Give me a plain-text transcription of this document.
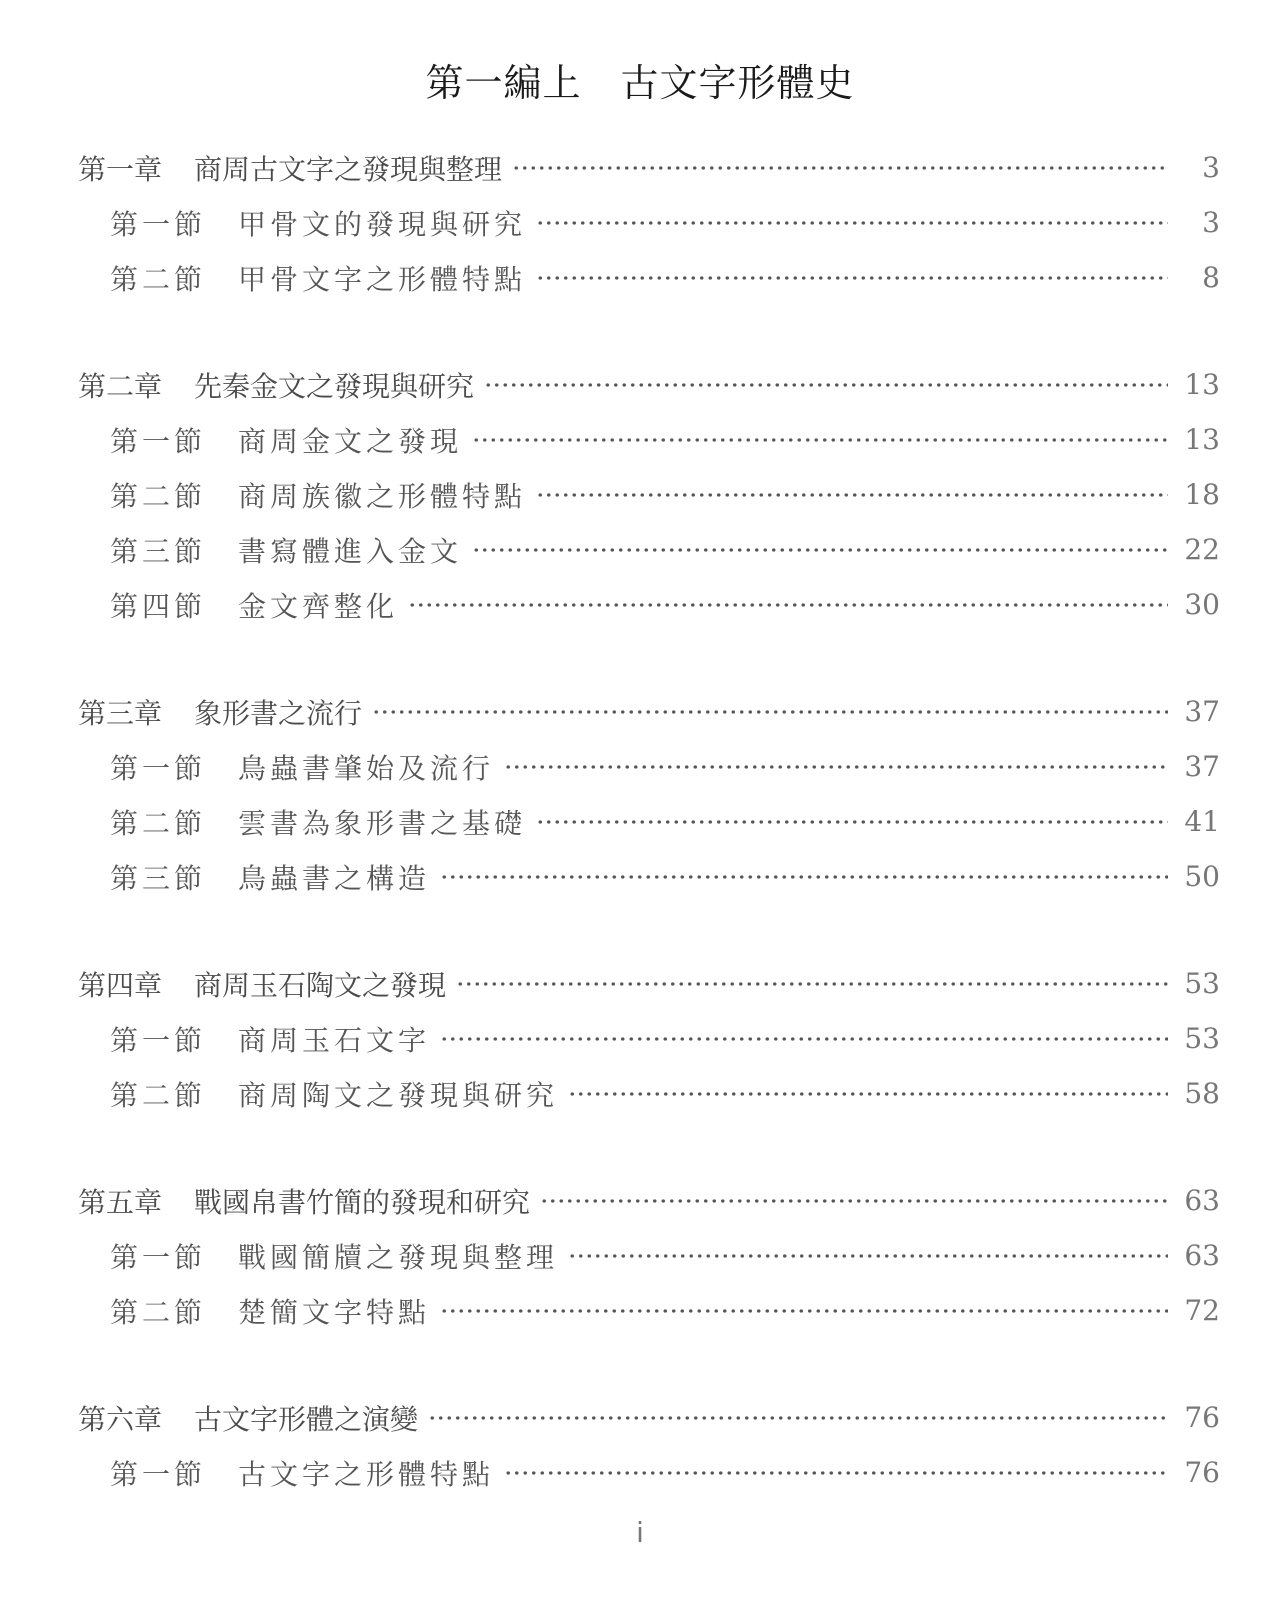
第一編上　古文字形體史
第一章 商周古文字之發現與整理	3
第一節 甲骨文的發現與研究	3
第二節 甲骨文字之形體特點	8
第二章 先秦金文之發現與研究	13
第一節 商周金文之發現	13
第二節 商周族徽之形體特點	18
第三節 書寫體進入金文	22
第四節 金文齊整化	30
第三章 象形書之流行	37
第一節 鳥蟲書肇始及流行	37
第二節 雲書為象形書之基礎	41
第三節 鳥蟲書之構造	50
第四章 商周玉石陶文之發現	53
第一節 商周玉石文字	53
第二節 商周陶文之發現與研究	58
第五章 戰國帛書竹簡的發現和研究	63
第一節 戰國簡牘之發現與整理	63
第二節 楚簡文字特點	72
第六章 古文字形體之演變	76
第一節 古文字之形體特點	76
i
